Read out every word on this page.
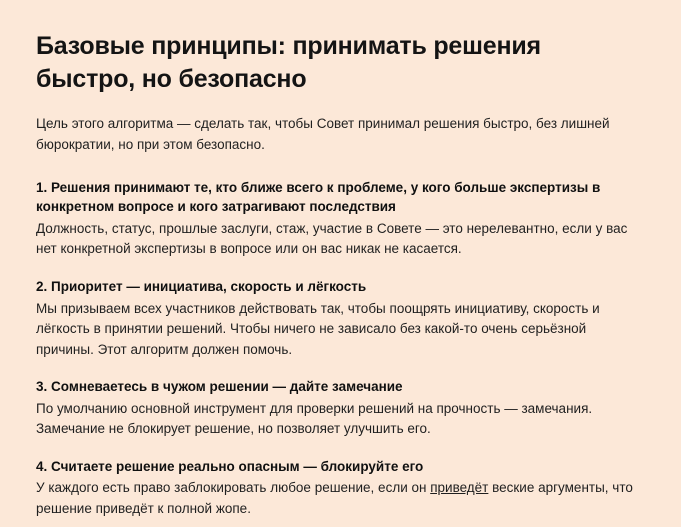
Базовые принципы: принимать решения быстро, но безопасно

Цель этого алгоритма — сделать так, чтобы Совет принимал решения быстро, без лишней бюрократии, но при этом безопасно.

1. Решения принимают те, кто ближе всего к проблеме, у кого больше экспертизы в конкретном вопросе и кого затрагивают последствия

Должность, статус, прошлые заслуги, стаж, участие в Совете — это нерелевантно, если у вас нет конкретной экспертизы в вопросе или он вас никак не касается.

2. Приоритет — инициатива, скорость и лёгкость

Мы призываем всех участников действовать так, чтобы поощрять инициативу, скорость и лёгкость в принятии решений. Чтобы ничего не зависало без какой-то очень серьёзной причины. Этот алгоритм должен помочь.

3. Сомневаетесь в чужом решении — дайте замечание

По умолчанию основной инструмент для проверки решений на прочность — замечания. Замечание не блокирует решение, но позволяет улучшить его.

4. Считаете решение реально опасным — блокируйте его

У каждого есть право заблокировать любое решение, если он приведёт веские аргументы, что решение приведёт к полной жопе.
